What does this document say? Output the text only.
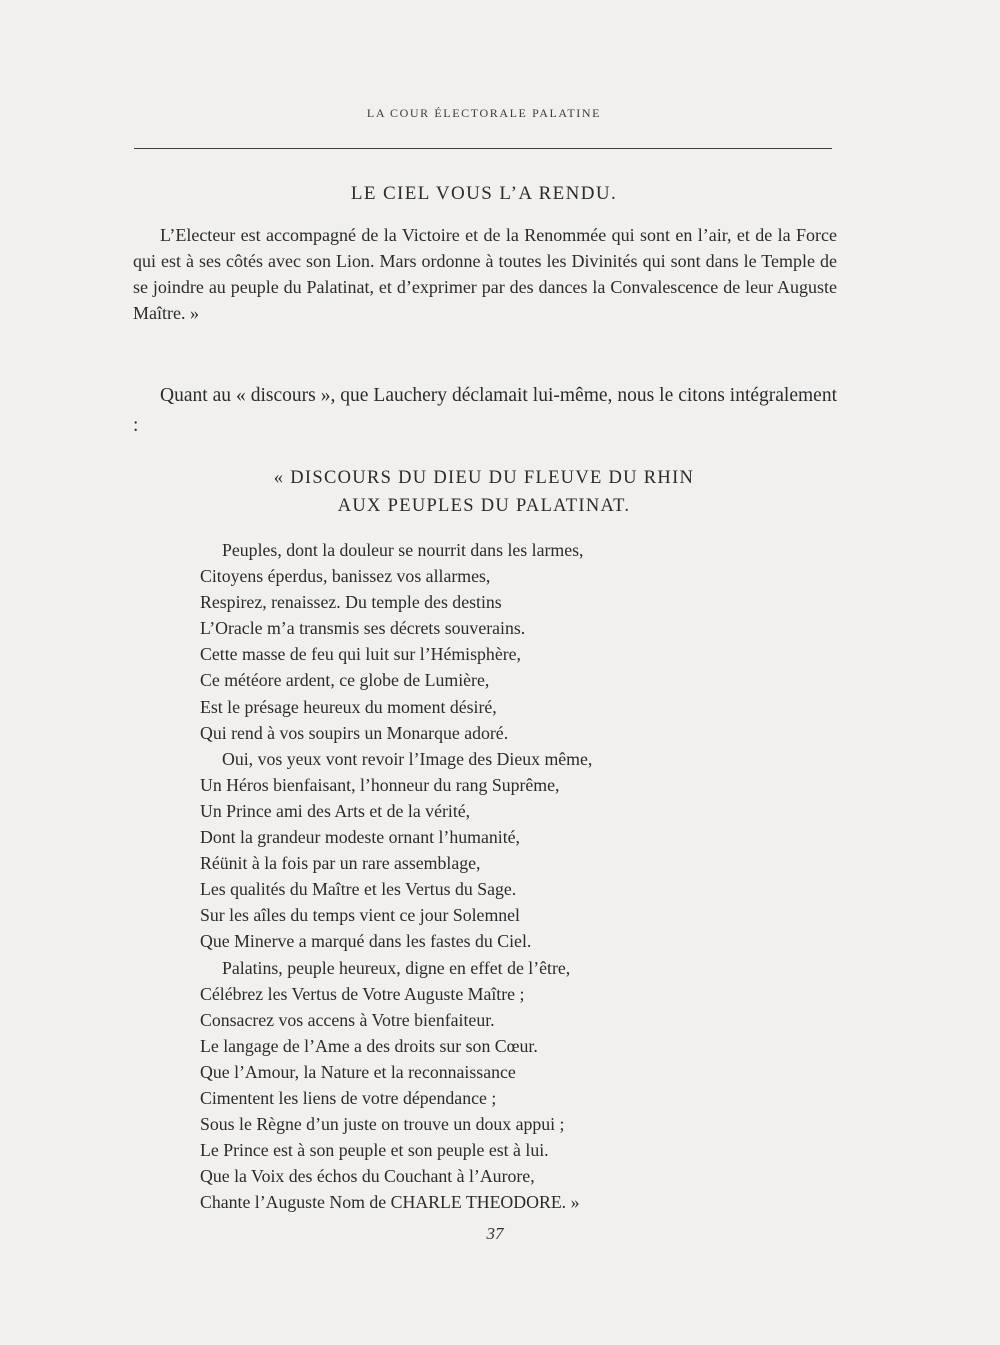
LA COUR ÉLECTORALE PALATINE
LE CIEL VOUS L’A RENDU.

L’Electeur est accompagné de la Victoire et de la Renommée qui sont en l’air, et de la Force qui est à ses côtés avec son Lion. Mars ordonne à toutes les Divinités qui sont dans le Temple de se joindre au peuple du Palatinat, et d’exprimer par des dances la Convalescence de leur Auguste Maître. »

Quant au « discours », que Lauchery déclamait lui-même, nous le citons intégralement :

« DISCOURS DU DIEU DU FLEUVE DU RHIN
AUX PEUPLES DU PALATINAT.
Peuples, dont la douleur se nourrit dans les larmes,
Citoyens éperdus, banissez vos allarmes,
Respirez, renaissez. Du temple des destins
L’Oracle m’a transmis ses décrets souverains.
Cette masse de feu qui luit sur l’Hémisphère,
Ce météore ardent, ce globe de Lumière,
Est le présage heureux du moment désiré,
Qui rend à vos soupirs un Monarque adoré.
Oui, vos yeux vont revoir l’Image des Dieux même,
Un Héros bienfaisant, l’honneur du rang Suprême,
Un Prince ami des Arts et de la vérité,
Dont la grandeur modeste ornant l’humanité,
Réünit à la fois par un rare assemblage,
Les qualités du Maître et les Vertus du Sage.
Sur les aîles du temps vient ce jour Solemnel
Que Minerve a marqué dans les fastes du Ciel.
Palatins, peuple heureux, digne en effet de l’être,
Célébrez les Vertus de Votre Auguste Maître ;
Consacrez vos accens à Votre bienfaiteur.
Le langage de l’Ame a des droits sur son Cœur.
Que l’Amour, la Nature et la reconnaissance
Cimentent les liens de votre dépendance ;
Sous le Règne d’un juste on trouve un doux appui ;
Le Prince est à son peuple et son peuple est à lui.
Que la Voix des échos du Couchant à l’Aurore,
Chante l’Auguste Nom de CHARLE THEODORE. »
37
